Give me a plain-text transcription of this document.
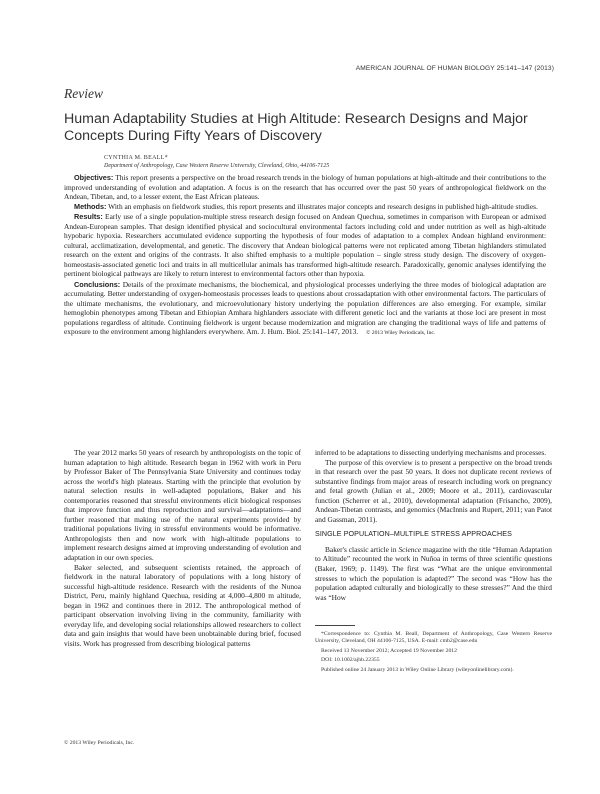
AMERICAN JOURNAL OF HUMAN BIOLOGY 25:141–147 (2013)
Review
Human Adaptability Studies at High Altitude: Research Designs and Major Concepts During Fifty Years of Discovery
CYNTHIA M. BEALL*
Department of Anthropology, Case Western Reserve University, Cleveland, Ohio, 44106-7125

Objectives: This report presents a perspective on the broad research trends in the biology of human populations at high-altitude and their contributions to the improved understanding of evolution and adaptation. A focus is on the research that has occurred over the past 50 years of anthropological fieldwork on the Andean, Tibetan, and, to a lesser extent, the East African plateaus.

Methods: With an emphasis on fieldwork studies, this report presents and illustrates major concepts and research designs in published high-altitude studies.

Results: Early use of a single population-multiple stress research design focused on Andean Quechua, sometimes in comparison with European or admixed Andean-European samples. That design identified physical and sociocultural environmental factors including cold and under nutrition as well as high-altitude hypobaric hypoxia. Researchers accumulated evidence supporting the hypothesis of four modes of adaptation to a complex Andean highland environment: cultural, acclimatization, developmental, and genetic. The discovery that Andean biological patterns were not replicated among Tibetan highlanders stimulated research on the extent and origins of the contrasts. It also shifted emphasis to a multiple population – single stress study design. The discovery of oxygen-homeostasis-associated genetic loci and traits in all multicellular animals has transformed high-altitude research. Paradoxically, genomic analyses identifying the pertinent biological pathways are likely to return interest to environmental factors other than hypoxia.

Conclusions: Details of the proximate mechanisms, the biochemical, and physiological processes underlying the three modes of biological adaptation are accumulating. Better understanding of oxygen-homeostasis processes leads to questions about crossadaptation with other environmental factors. The particulars of the ultimate mechanisms, the evolutionary, and microevolutionary history underlying the population differences are also emerging. For example, similar hemoglobin phenotypes among Tibetan and Ethiopian Amhara highlanders associate with different genetic loci and the variants at those loci are present in most populations regardless of altitude. Continuing fieldwork is urgent because modernization and migration are changing the traditional ways of life and patterns of exposure to the environment among highlanders everywhere. Am. J. Hum. Biol. 25:141–147, 2013. © 2013 Wiley Periodicals, Inc.

The year 2012 marks 50 years of research by anthropologists on the topic of human adaptation to high altitude. Research began in 1962 with work in Peru by Professor Baker of The Pennsylvania State University and continues today across the world's high plateaus. Starting with the principle that evolution by natural selection results in well-adapted populations, Baker and his contemporaries reasoned that stressful environments elicit biological responses that improve function and thus reproduction and survival—adaptations—and further reasoned that making use of the natural experiments provided by traditional populations living in stressful environments would be informative. Anthropologists then and now work with high-altitude populations to implement research designs aimed at improving understanding of evolution and adaptation in our own species.

Baker selected, and subsequent scientists retained, the approach of fieldwork in the natural laboratory of populations with a long history of successful high-altitude residence. Research with the residents of the Nunoa District, Peru, mainly highland Quechua, residing at 4,000–4,800 m altitude, began in 1962 and continues there in 2012. The anthropological method of participant observation involving living in the community, familiarity with everyday life, and developing social relationships allowed researchers to collect data and gain insights that would have been unobtainable during brief, focused visits. Work has progressed from describing biological patterns

inferred to be adaptations to dissecting underlying mechanisms and processes.

The purpose of this overview is to present a perspective on the broad trends in that research over the past 50 years. It does not duplicate recent reviews of substantive findings from major areas of research including work on pregnancy and fetal growth (Julian et al., 2009; Moore et al., 2011), cardiovascular function (Scherrer et al., 2010), developmental adaptation (Frisancho, 2009), Andean-Tibetan contrasts, and genomics (MacInnis and Rupert, 2011; van Patot and Gassman, 2011).

SINGLE POPULATION–MULTIPLE STRESS APPROACHES

Baker's classic article in Science magazine with the title “Human Adaptation to Altitude” recounted the work in Nuñoa in terms of three scientific questions (Baker, 1969; p. 1149). The first was “What are the unique environmental stresses to which the population is adapted?” The second was “How has the population adapted culturally and biologically to these stresses?” And the third was “How

*Correspondence to: Cynthia M. Beall, Department of Anthropology, Case Western Reserve University, Cleveland, OH 44106-7125, USA. E-mail: cmb2@case.edu

Received 13 November 2012; Accepted 19 November 2012

DOI: 10.1002/ajhb.22355

Published online 24 January 2013 in Wiley Online Library (wileyonlinelibrary.com).

© 2013 Wiley Periodicals, Inc.
